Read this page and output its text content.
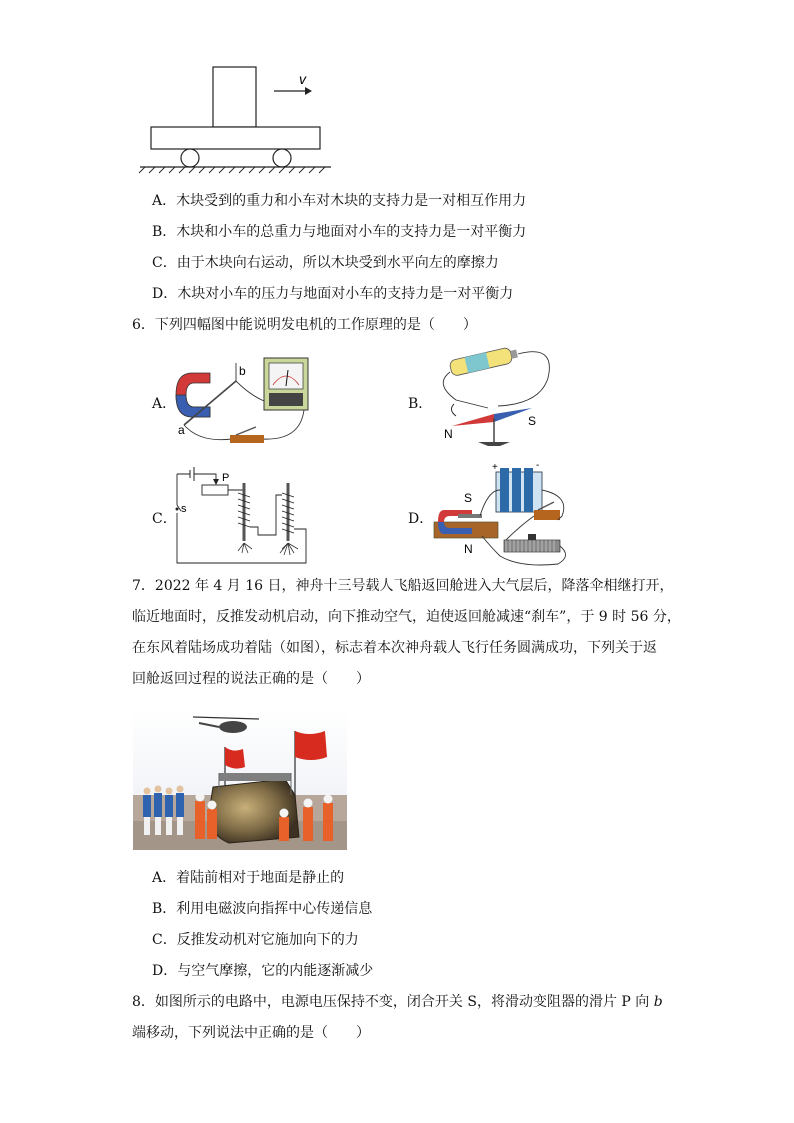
v
A．木块受到的重力和小车对木块的支持力是一对相互作用力
B．木块和小车的总重力与地面对小车的支持力是一对平衡力
C．由于木块向右运动，所以木块受到水平向左的摩擦力
D．木块对小车的压力与地面对小车的支持力是一对平衡力
6．下列四幅图中能说明发电机的工作原理的是（　　）
A．
a
b
B．
N
S
C．
P
s
D．
+	-
S
N
7．2022 年 4 月 16 日，神舟十三号载人飞船返回舱进入大气层后，降落伞相继打开，
临近地面时，反推发动机启动，向下推动空气，迫使返回舱减速“刹车”，于 9 时 56 分，
在东风着陆场成功着陆（如图），标志着本次神舟载人飞行任务圆满成功，下列关于返
回舱返回过程的说法正确的是（　　）
A．着陆前相对于地面是静止的
B．利用电磁波向指挥中心传递信息
C．反推发动机对它施加向下的力
D．与空气摩擦，它的内能逐渐减少
8．如图所示的电路中，电源电压保持不变，闭合开关 S，将滑动变阻器的滑片 P 向 b
端移动，下列说法中正确的是（　　）
